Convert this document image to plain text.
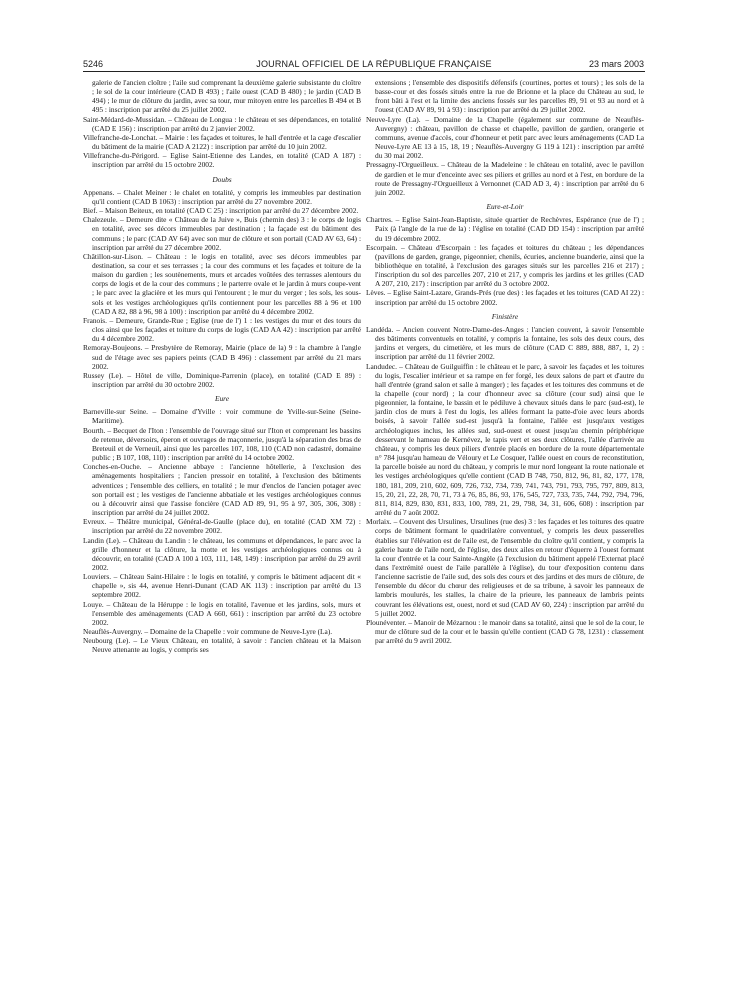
5246	JOURNAL OFFICIEL DE LA RÉPUBLIQUE FRANÇAISE	23 mars 2003

galerie de l'ancien cloître ; l'aile sud comprenant la deuxième galerie subsistante du cloître ; le sol de la cour intérieure (CAD B 493) ; l'aile ouest (CAD B 480) ; le jardin (CAD B 494) ; le mur de clôture du jardin, avec sa tour, mur mitoyen entre les parcelles B 494 et B 495 : inscription par arrêté du 25 juillet 2002.

Saint-Médard-de-Mussidan. – Château de Longua : le château et ses dépendances, en totalité (CAD E 156) : inscription par arrêté du 2 janvier 2002.

Villefranche-de-Lonchat. – Mairie : les façades et toitures, le hall d'entrée et la cage d'escalier du bâtiment de la mairie (CAD A 2122) : inscription par arrêté du 10 juin 2002.

Villefranche-du-Périgord. – Eglise Saint-Etienne des Landes, en totalité (CAD A 187) : inscription par arrêté du 15 octobre 2002.

Doubs

Appenans. – Chalet Meiner : le chalet en totalité, y compris les immeubles par destination qu'il contient (CAD B 1063) : inscription par arrêté du 27 novembre 2002.

Bief. – Maison Beiteux, en totalité (CAD C 25) : inscription par arrêté du 27 décembre 2002.

Chalezeule. – Demeure dite « Château de la Juive », Buis (chemin des) 3 : le corps de logis en totalité, avec ses décors immeubles par destination ; la façade est du bâtiment des communs ; le parc (CAD AV 64) avec son mur de clôture et son portail (CAD AV 63, 64) : inscription par arrêté du 27 décembre 2002.

Châtillon-sur-Lison. – Château : le logis en totalité, avec ses décors immeubles par destination, sa cour et ses terrasses ; la cour des communs et les façades et toiture de la maison du gardien ; les soutènements, murs et arcades voûtées des terrasses alentours du corps de logis et de la cour des communs ; le parterre ovale et le jardin à murs coupe-vent ; le parc avec la glacière et les murs qui l'entourent ; le mur du verger ; les sols, les sous-sols et les vestiges archéologiques qu'ils contiennent pour les parcelles 88 à 96 et 100 (CAD A 82, 88 à 96, 98 à 100) : inscription par arrêté du 4 décembre 2002.

Franois. – Demeure, Grande-Rue ; Eglise (rue de l') 1 : les vestiges du mur et des tours du clos ainsi que les façades et toiture du corps de logis (CAD AA 42) : inscription par arrêté du 4 décembre 2002.

Remoray-Boujeons. – Presbytère de Remoray, Mairie (place de la) 9 : la chambre à l'angle sud de l'étage avec ses papiers peints (CAD B 496) : classement par arrêté du 21 mars 2002.

Russey (Le). – Hôtel de ville, Dominique-Parrenin (place), en totalité (CAD E 89) : inscription par arrêté du 30 octobre 2002.

Eure

Barneville-sur Seine. – Domaine d'Yville : voir commune de Yville-sur-Seine (Seine-Maritime).

Bourth. – Becquet de l'Iton : l'ensemble de l'ouvrage situé sur l'Iton et comprenant les bassins de retenue, déversoirs, éperon et ouvrages de maçonnerie, jusqu'à la séparation des bras de Breteuil et de Verneuil, ainsi que les parcelles 107, 108, 110 (CAD non cadastré, domaine public ; B 107, 108, 110) : inscription par arrêté du 14 octobre 2002.

Conches-en-Ouche. – Ancienne abbaye : l'ancienne hôtellerie, à l'exclusion des aménagements hospitaliers ; l'ancien pressoir en totalité, à l'exclusion des bâtiments adventices ; l'ensemble des celliers, en totalité ; le mur d'enclos de l'ancien potager avec son portail est ; les vestiges de l'ancienne abbatiale et les vestiges archéologiques connus ou à découvrir ainsi que l'assise foncière (CAD AD 89, 91, 95 à 97, 305, 306, 308) : inscription par arrêté du 24 juillet 2002.

Evreux. – Théâtre municipal, Général-de-Gaulle (place du), en totalité (CAD XM 72) : inscription par arrêté du 22 novembre 2002.

Landin (Le). – Château du Landin : le château, les communs et dépendances, le parc avec la grille d'honneur et la clôture, la motte et les vestiges archéologiques connus ou à découvrir, en totalité (CAD A 100 à 103, 111, 148, 149) : inscription par arrêté du 29 avril 2002.

Louviers. – Château Saint-Hilaire : le logis en totalité, y compris le bâtiment adjacent dit « chapelle », sis 44, avenue Henri-Dunant (CAD AK 113) : inscription par arrêté du 13 septembre 2002.

Louye. – Château de la Héruppe : le logis en totalité, l'avenue et les jardins, sols, murs et l'ensemble des aménagements (CAD A 660, 661) : inscription par arrêté du 23 octobre 2002.

Neauflès-Auvergny. – Domaine de la Chapelle : voir commune de Neuve-Lyre (La).

Neubourg (Le). – Le Vieux Château, en totalité, à savoir : l'ancien château et la Maison Neuve attenante au logis, y compris ses

extensions ; l'ensemble des dispositifs défensifs (courtines, portes et tours) ; les sols de la basse-cour et des fossés situés entre la rue de Brionne et la place du Château au sud, le front bâti à l'est et la limite des anciens fossés sur les parcelles 89, 91 et 93 au nord et à l'ouest (CAD AV 89, 91 à 93) : inscription par arrêté du 29 juillet 2002.

Neuve-Lyre (La). – Domaine de la Chapelle (également sur commune de Neauflès-Auvergny) : château, pavillon de chasse et chapelle, pavillon de gardien, orangerie et communs, avenue d'accès, cour d'honneur et petit parc avec leurs aménagements (CAD La Neuve-Lyre AE 13 à 15, 18, 19 ; Neauflès-Auvergny G 119 à 121) : inscription par arrêté du 30 mai 2002.

Pressagny-l'Orgueilleux. – Château de la Madeleine : le château en totalité, avec le pavillon de gardien et le mur d'enceinte avec ses piliers et grilles au nord et à l'est, en bordure de la route de Pressagny-l'Orgueilleux à Vernonnet (CAD AD 3, 4) : inscription par arrêté du 6 juin 2002.

Eure-et-Loir

Chartres. – Eglise Saint-Jean-Baptiste, située quartier de Rechèvres, Espérance (rue de l') ; Paix (à l'angle de la rue de la) : l'église en totalité (CAD DD 154) : inscription par arrêté du 19 décembre 2002.

Escorpain. – Château d'Escorpain : les façades et toitures du château ; les dépendances (pavillons de garden, grange, pigeonnier, chenils, écuries, ancienne buanderie, ainsi que la bibliothèque en totalité, à l'exclusion des garages situés sur les parcelles 216 et 217) ; l'inscription du sol des parcelles 207, 210 et 217, y compris les jardins et les grilles (CAD A 207, 210, 217) : inscription par arrêté du 3 octobre 2002.

Lèves. – Eglise Saint-Lazare, Grands-Prés (rue des) : les façades et les toitures (CAD AI 22) : inscription par arrêté du 15 octobre 2002.

Finistère

Landéda. – Ancien couvent Notre-Dame-des-Anges : l'ancien couvent, à savoir l'ensemble des bâtiments conventuels en totalité, y compris la fontaine, les sols des deux cours, des jardins et vergers, du cimetière, et les murs de clôture (CAD C 889, 888, 887, 1, 2) : inscription par arrêté du 11 février 2002.

Landudec. – Château de Guilguiffin : le château et le parc, à savoir les façades et les toitures du logis, l'escalier intérieur et sa rampe en fer forgé, les deux salons de part et d'autre du hall d'entrée (grand salon et salle à manger) ; les façades et les toitures des communs et de la chapelle (cour nord) ; la cour d'honneur avec sa clôture (cour sud) ainsi que le pigeonnier, la fontaine, le bassin et le pédiluve à chevaux situés dans le parc (sud-est), le jardin clos de murs à l'est du logis, les allées formant la patte-d'oie avec leurs abords boisés, à savoir l'allée sud-est jusqu'à la fontaine, l'allée est jusqu'aux vestiges archéologiques inclus, les allées sud, sud-ouest et ouest jusqu'au chemin périphérique desservant le hameau de Kernévez, le tapis vert et ses deux clôtures, l'allée d'arrivée au château, y compris les deux piliers d'entrée placés en bordure de la route départementale n° 784 jusqu'au hameau de Véloury et Le Cosquer, l'allée ouest en cours de reconstitution, la parcelle boisée au nord du château, y compris le mur nord longeant la route nationale et les vestiges archéologiques qu'elle contient (CAD B 748, 750, 812, 96, 81, 82, 177, 178, 180, 181, 209, 210, 602, 609, 726, 732, 734, 739, 741, 743, 791, 793, 795, 797, 809, 813, 15, 20, 21, 22, 28, 70, 71, 73 à 76, 85, 86, 93, 176, 545, 727, 733, 735, 744, 792, 794, 796, 811, 814, 829, 830, 831, 833, 100, 789, 21, 29, 798, 34, 31, 606, 608) : inscription par arrêté du 7 août 2002.

Morlaix. – Couvent des Ursulines, Ursulines (rue des) 3 : les façades et les toitures des quatre corps de bâtiment formant le quadrilatère conventuel, y compris les deux passerelles établies sur l'élévation est de l'aile est, de l'ensemble du cloître qu'il contient, y compris la galerie haute de l'aile nord, de l'église, des deux ailes en retour d'équerre à l'ouest formant la cour d'entrée et la cour Sainte-Angèle (à l'exclusion du bâtiment appelé l'Externat placé dans l'extrémité ouest de l'aile parallèle à l'église), du tour d'exposition contenu dans l'ancienne sacristie de l'aile sud, des sols des cours et des jardins et des murs de clôture, de l'ensemble du décor du chœur des religieuses et de sa tribune, à savoir les panneaux de lambris moulurés, les stalles, la chaire de la prieure, les panneaux de lambris peints couvrant les élévations est, ouest, nord et sud (CAD AV 60, 224) : inscription par arrêté du 5 juillet 2002.

Plounéventer. – Manoir de Mézarnou : le manoir dans sa totalité, ainsi que le sol de la cour, le mur de clôture sud de la cour et le bassin qu'elle contient (CAD G 78, 1231) : classement par arrêté du 9 avril 2002.
